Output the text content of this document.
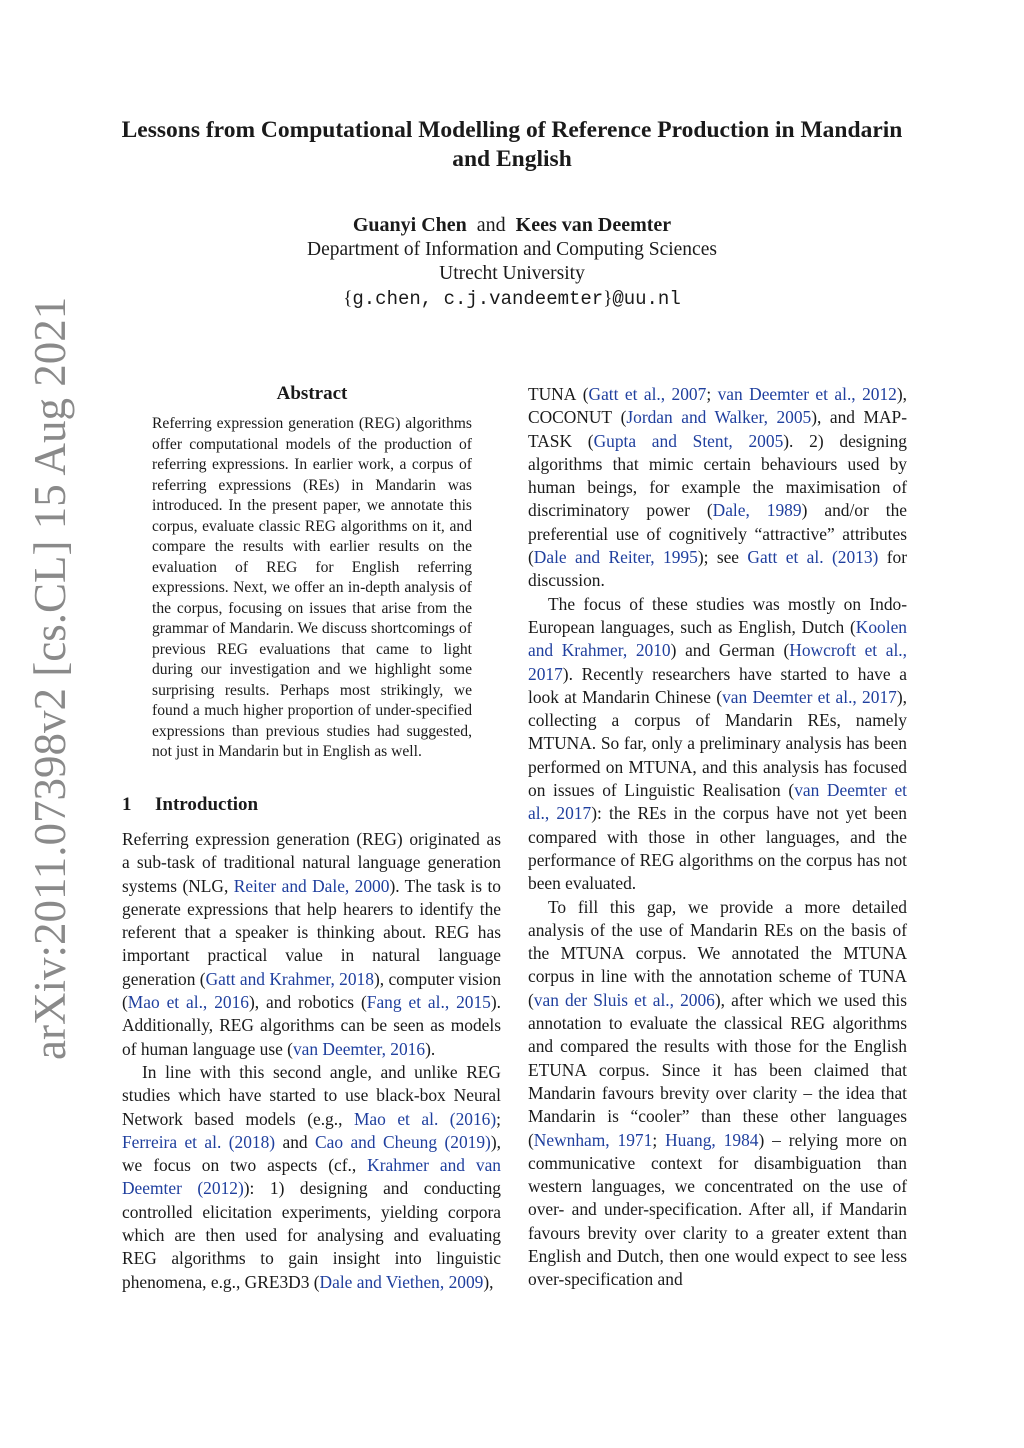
arXiv:2011.07398v2 [cs.CL] 15 Aug 2021
Lessons from Computational Modelling of Reference Production in Mandarin and English
Guanyi Chen and Kees van Deemter
Department of Information and Computing Sciences
Utrecht University
{g.chen, c.j.vandeemter}@uu.nl
Abstract

Referring expression generation (REG) algorithms offer computational models of the production of referring expressions. In earlier work, a corpus of referring expressions (REs) in Mandarin was introduced. In the present paper, we annotate this corpus, evaluate classic REG algorithms on it, and compare the results with earlier results on the evaluation of REG for English referring expressions. Next, we offer an in-depth analysis of the corpus, focusing on issues that arise from the grammar of Mandarin. We discuss shortcomings of previous REG evaluations that came to light during our investigation and we highlight some surprising results. Perhaps most strikingly, we found a much higher proportion of under-specified expressions than previous studies had suggested, not just in Mandarin but in English as well.

1 Introduction

Referring expression generation (REG) originated as a sub-task of traditional natural language generation systems (NLG, Reiter and Dale, 2000). The task is to generate expressions that help hearers to identify the referent that a speaker is thinking about. REG has important practical value in natural language generation (Gatt and Krahmer, 2018), computer vision (Mao et al., 2016), and robotics (Fang et al., 2015). Additionally, REG algorithms can be seen as models of human language use (van Deemter, 2016).

In line with this second angle, and unlike REG studies which have started to use black-box Neural Network based models (e.g., Mao et al. (2016); Ferreira et al. (2018) and Cao and Cheung (2019)), we focus on two aspects (cf., Krahmer and van Deemter (2012)): 1) designing and conducting controlled elicitation experiments, yielding corpora which are then used for analysing and evaluating REG algorithms to gain insight into linguistic phenomena, e.g., GRE3D3 (Dale and Viethen, 2009),

TUNA (Gatt et al., 2007; van Deemter et al., 2012), COCONUT (Jordan and Walker, 2005), and MAP-TASK (Gupta and Stent, 2005). 2) designing algorithms that mimic certain behaviours used by human beings, for example the maximisation of discriminatory power (Dale, 1989) and/or the preferential use of cognitively “attractive” attributes (Dale and Reiter, 1995); see Gatt et al. (2013) for discussion.

The focus of these studies was mostly on Indo-European languages, such as English, Dutch (Koolen and Krahmer, 2010) and German (Howcroft et al., 2017). Recently researchers have started to have a look at Mandarin Chinese (van Deemter et al., 2017), collecting a corpus of Mandarin REs, namely MTUNA. So far, only a preliminary analysis has been performed on MTUNA, and this analysis has focused on issues of Linguistic Realisation (van Deemter et al., 2017): the REs in the corpus have not yet been compared with those in other languages, and the performance of REG algorithms on the corpus has not been evaluated.

To fill this gap, we provide a more detailed analysis of the use of Mandarin REs on the basis of the MTUNA corpus. We annotated the MTUNA corpus in line with the annotation scheme of TUNA (van der Sluis et al., 2006), after which we used this annotation to evaluate the classical REG algorithms and compared the results with those for the English ETUNA corpus. Since it has been claimed that Mandarin favours brevity over clarity – the idea that Mandarin is “cooler” than these other languages (Newnham, 1971; Huang, 1984) – relying more on communicative context for disambiguation than western languages, we concentrated on the use of over- and under-specification. After all, if Mandarin favours brevity over clarity to a greater extent than English and Dutch, then one would expect to see less over-specification and
